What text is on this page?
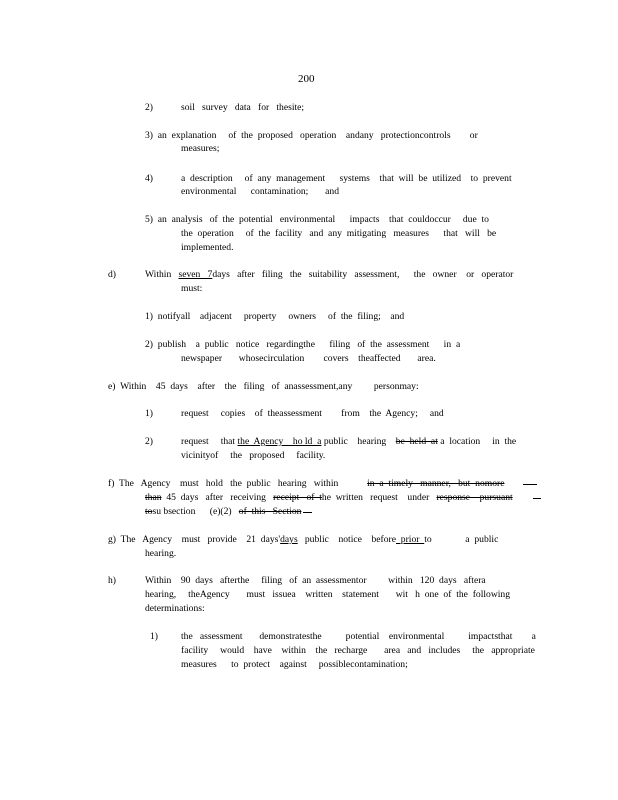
200
2)	soil   survey   data   for   thesite;
3)  an  explanation     of  the  proposed   operation    andany   protectioncontrols        or
measures;
4)	a  description     of  any  management      systems    that  will  be  utilized    to  prevent
environmental      contamination;       and
5)  an  analysis   of  the  potential   environmental      impacts    that  couldoccur     due  to
the  operation     of  the  facility   and  any  mitigating   measures      that   will   be
implemented.
d)	Within   seven   7days   after   filing   the   suitability   assessment,      the   owner    or   operator
must:
1)  notifyall    adjacent     property     owners     of  the  filing;    and
2)  publish    a  public   notice   regardingthe      filing   of  the  assessment      in  a
newspaper       whosecirculation        covers    theaffected       area.
e)  Within    45  days    after    the   filing   of  anassessment,any         personmay:
1)	request     copies    of  theassessment        from    the  Agency;     and
2)	request     that the  Agency    ho ld  a public    hearing    be  held  at a  location     in  the
vicinityof     the   proposed     facility.
f)  The   Agency    must   hold   the  public   hearing   within            in  a  timely   manner,   but  nomore
than  45  days   after   receiving   receipt   of  the  written   request    under   response    pursuant
tosu bsection      (e)(2)   of  this   Section
g)  The   Agency    must   provide    21  days'days   public    notice    before  prior  to              a  public
hearing.
h)	Within    90  days   afterthe     filing   of  an  assessmentor         within   120  days   aftera
hearing,     theAgency       must   issuea    written    statement       wit   h  one  of  the  following
determinations:
1) the   assessment       demonstratesthe          potential    environmental          impactsthat        a
facility     would    have    within    the   recharge       area   and   includes     the   appropriate
measures      to  protect    against     possiblecontamination;
